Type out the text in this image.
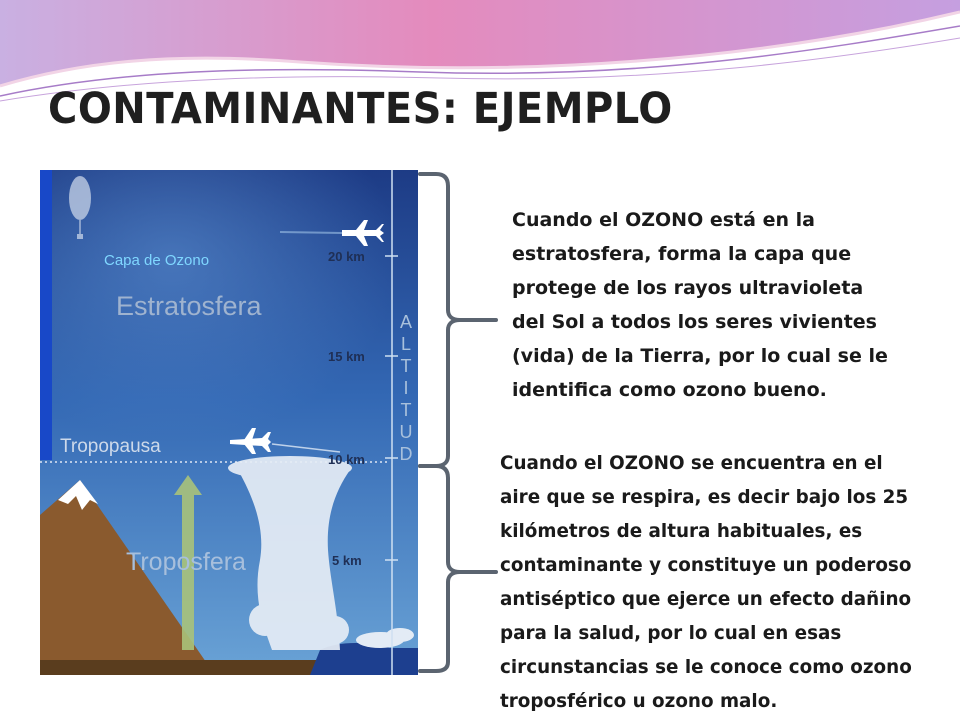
CONTAMINANTES: EJEMPLO
Capa de Ozono
Estratosfera
Tropopausa
Troposfera
20 km
15 km
10 km
5 km
A
L
T
I
T
U
D
Cuando el OZONO está en la
estratosfera, forma la capa que
protege de los rayos ultravioleta
del Sol a todos los seres vivientes
(vida) de la Tierra, por lo cual se le
identifica como ozono bueno.
Cuando el OZONO se encuentra en el
aire que se respira, es decir bajo los 25
kilómetros de altura habituales, es
contaminante y constituye un poderoso
antiséptico que ejerce un efecto dañino
para la salud, por lo cual en esas
circunstancias se le conoce como ozono
troposférico u ozono malo.
